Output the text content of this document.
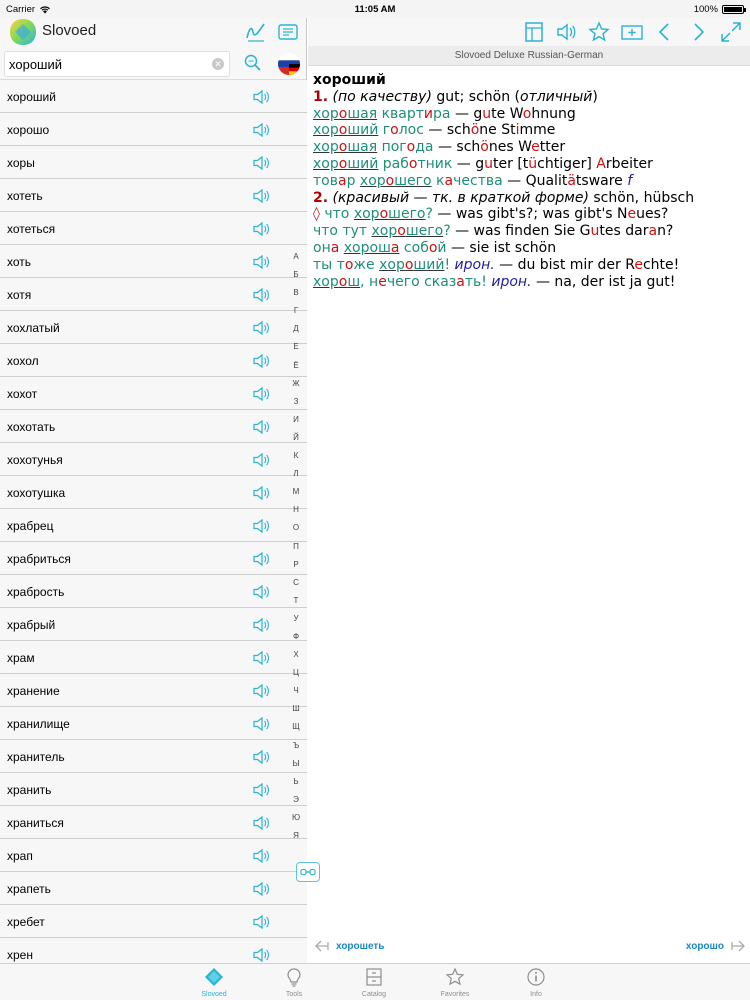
Carrier	11:05 AM	100%
Slovoed
хороший	✕
хороший
хорошо
хоры
хотеть
хотеться
хоть
хотя
хохлатый
хохол
хохот
хохотать
хохотунья
хохотушка
храбрец
храбриться
храбрость
храбрый
храм
хранение
хранилище
хранитель
хранить
храниться
храп
храпеть
хребет
хрен
А
Б
В
Г
Д
Е
Ё
Ж
З
И
Й
К
Л
М
Н
О
П
Р
С
Т
У
Ф
Х
Ц
Ч
Ш
Щ
Ъ
Ы
Ь
Э
Ю
Я
Slovoed Deluxe Russian-German
хороший
1. (по качеству) gut; schön (отличный)
хорошая квартира — gute Wohnung
хороший голос — schöne Stimme
хорошая погода — schönes Wetter
хороший работник — guter [tüchtiger] Arbeiter
товар хорошего качества — Qualitätsware f
2. (красивый — тк. в краткой форме) schön, hübsch
◊ что хорошего? — was gibt's?; was gibt's Neues?
что тут хорошего? — was fnden Sie Gutes daran?
она хороша собой — sie ist schön
ты тоже хороший! ирон. — du bist mir der Rechte!
хорош, нечего сказать! ирон. — na, der ist ja gut!
хорошеть	хорошо
Slovoed	Tools	Catalog	Favorites	Info
